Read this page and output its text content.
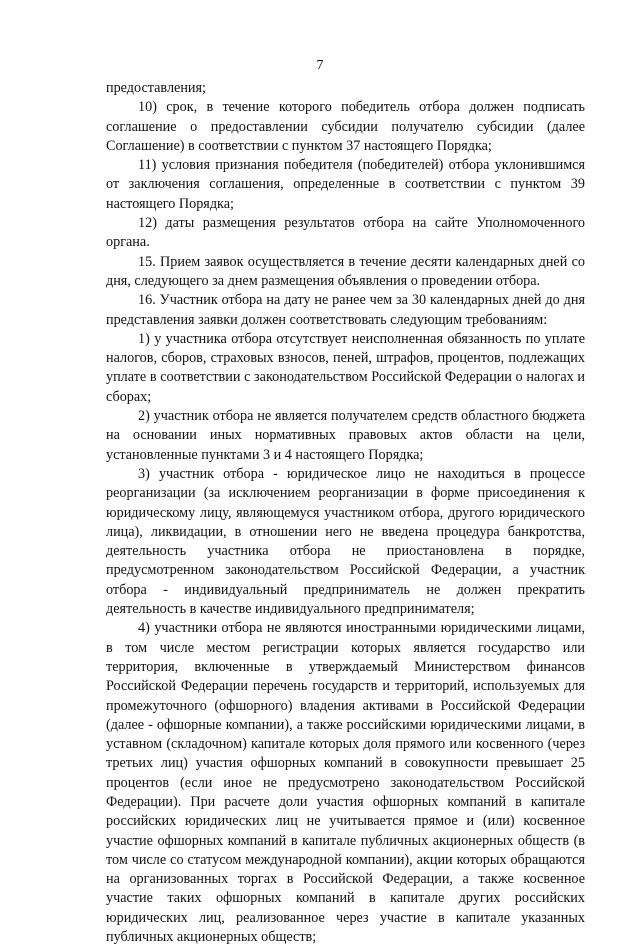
7

предоставления;

10) срок, в течение которого победитель отбора должен подписать соглашение о предоставлении субсидии получателю субсидии (далее Соглашение) в соответствии с пунктом 37 настоящего Порядка;

11) условия признания победителя (победителей) отбора уклонившимся от заключения соглашения, определенные в соответствии с пунктом 39 настоящего Порядка;

12) даты размещения результатов отбора на сайте Уполномоченного органа.

15. Прием заявок осуществляется в течение десяти календарных дней со дня, следующего за днем размещения объявления о проведении отбора.

16. Участник отбора на дату не ранее чем за 30 календарных дней до дня представления заявки должен соответствовать следующим требованиям:

1) у участника отбора отсутствует неисполненная обязанность по уплате налогов, сборов, страховых взносов, пеней, штрафов, процентов, подлежащих уплате в соответствии с законодательством Российской Федерации о налогах и сборах;

2) участник отбора не является получателем средств областного бюджета на основании иных нормативных правовых актов области на цели, установленные пунктами 3 и 4 настоящего Порядка;

3) участник отбора - юридическое лицо не находиться в процессе реорганизации (за исключением реорганизации в форме присоединения к юридическому лицу, являющемуся участником отбора, другого юридического лица), ликвидации, в отношении него не введена процедура банкротства, деятельность участника отбора не приостановлена в порядке, предусмотренном законодательством Российской Федерации, а участник отбора - индивидуальный предприниматель не должен прекратить деятельность в качестве индивидуального предпринимателя;

4) участники отбора не являются иностранными юридическими лицами, в том числе местом регистрации которых является государство или территория, включенные в утверждаемый Министерством финансов Российской Федерации перечень государств и территорий, используемых для промежуточного (офшорного) владения активами в Российской Федерации (далее - офшорные компании), а также российскими юридическими лицами, в уставном (складочном) капитале которых доля прямого или косвенного (через третьих лиц) участия офшорных компаний в совокупности превышает 25 процентов (если иное не предусмотрено законодательством Российской Федерации). При расчете доли участия офшорных компаний в капитале российских юридических лиц не учитывается прямое и (или) косвенное участие офшорных компаний в капитале публичных акционерных обществ (в том числе со статусом международной компании), акции которых обращаются на организованных торгах в Российской Федерации, а также косвенное участие таких офшорных компаний в капитале других российских юридических лиц, реализованное через участие в капитале указанных публичных акционерных обществ;
